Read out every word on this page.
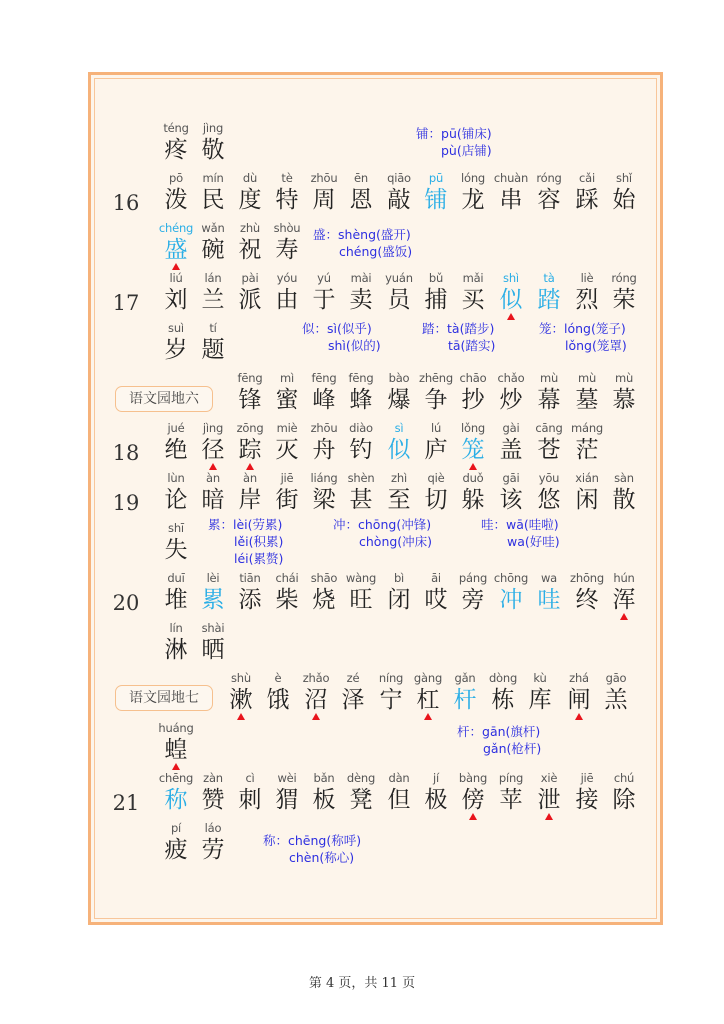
téng
疼
jìng
敬
铺：pū(铺床)
pù(店铺)
16
pō
泼
mín
民
dù
度
tè
特
zhōu
周
ēn
恩
qiāo
敲
pū
铺
lóng
龙
chuàn
串
róng
容
cǎi
踩
shǐ
始
chéng
盛
wǎn
碗
zhù
祝
shòu
寿
盛：shèng(盛开)
chéng(盛饭)
17
liú
刘
lán
兰
pài
派
yóu
由
yú
于
mài
卖
yuán
员
bǔ
捕
mǎi
买
shì
似
tà
踏
liè
烈
róng
荣
suì
岁
tí
题
似：sì(似乎)
shì(似的)
踏：tà(踏步)
tā(踏实)
笼：lóng(笼子)
lǒng(笼罩)
语文园地六
fēng
锋
mì
蜜
fēng
峰
fēng
蜂
bào
爆
zhēng
争
chāo
抄
chǎo
炒
mù
幕
mù
墓
mù
慕
18
jué
绝
jìng
径
zōng
踪
miè
灭
zhōu
舟
diào
钓
sì
似
lú
庐
lǒng
笼
gài
盖
cāng
苍
máng
茫
19
lùn
论
àn
暗
àn
岸
jiē
街
liáng
梁
shèn
甚
zhì
至
qiè
切
duǒ
躲
gāi
该
yōu
悠
xián
闲
sàn
散
shī
失
累：lèi(劳累)
lěi(积累)
léi(累赘)
冲：chōng(冲锋)
chòng(冲床)
哇：wā(哇啦)
wa(好哇)
20
duī
堆
lèi
累
tiān
添
chái
柴
shāo
烧
wàng
旺
bì
闭
āi
哎
páng
旁
chōng
冲
wa
哇
zhōng
终
hún
浑
lín
淋
shài
晒
语文园地七
shù
漱
è
饿
zhǎo
沼
zé
泽
níng
宁
gàng
杠
gǎn
杆
dòng
栋
kù
库
zhá
闸
gāo
羔
huáng
蝗
杆：gān(旗杆)
gǎn(枪杆)
21
chēng
称
zàn
赞
cì
刺
wèi
猬
bǎn
板
dèng
凳
dàn
但
jí
极
bàng
傍
píng
苹
xiè
泄
jiē
接
chú
除
pí
疲
láo
劳	称：chēng(称呼)
chèn(称心)
第 4 页，共 11 页
